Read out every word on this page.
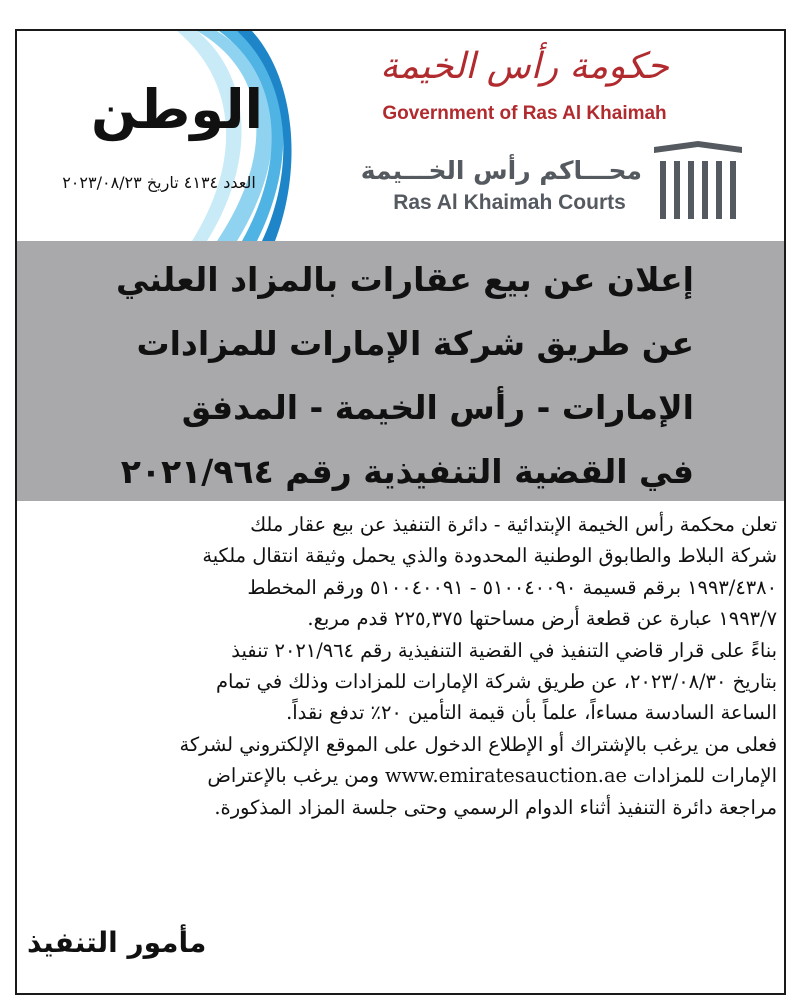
الوطن
العدد ٤١٣٤ تاريخ ٢٠٢٣/٠٨/٢٣
حكومة رأس الخيمة
Government of Ras Al Khaimah
محـــاكم رأس الخـــيمة
Ras Al Khaimah Courts
إعلان عن بيع عقارات بالمزاد العلني
عن طريق شركة الإمارات للمزادات
الإمارات - رأس الخيمة - المدفق
في القضية التنفيذية رقم ٢٠٢١/٩٦٤

تعلن محكمة رأس الخيمة الإبتدائية - دائرة التنفيذ عن بيع عقار ملك

شركة البلاط والطابوق الوطنية المحدودة والذي يحمل وثيقة انتقال ملكية

١٩٩٣/٤٣٨٠ برقم قسيمة ٥١٠٠٤٠٠٩٠ - ٥١٠٠٤٠٠٩١ ورقم المخطط

١٩٩٣/٧ عبارة عن قطعة أرض مساحتها ٢٢٥,٣٧٥ قدم مربع.

بناءً على قرار قاضي التنفيذ في القضية التنفيذية رقم ٢٠٢١/٩٦٤ تنفيذ

بتاريخ ٢٠٢٣/٠٨/٣٠، عن طريق شركة الإمارات للمزادات وذلك في تمام

الساعة السادسة مساءاً، علماً بأن قيمة التأمين ٢٠٪ تدفع نقداً.

فعلى من يرغب بالإشتراك أو الإطلاع الدخول على الموقع الإلكتروني لشركة

الإمارات للمزادات www.emiratesauction.ae ومن يرغب بالإعتراض

مراجعة دائرة التنفيذ أثناء الدوام الرسمي وحتى جلسة المزاد المذكورة.

مأمور التنفيذ
